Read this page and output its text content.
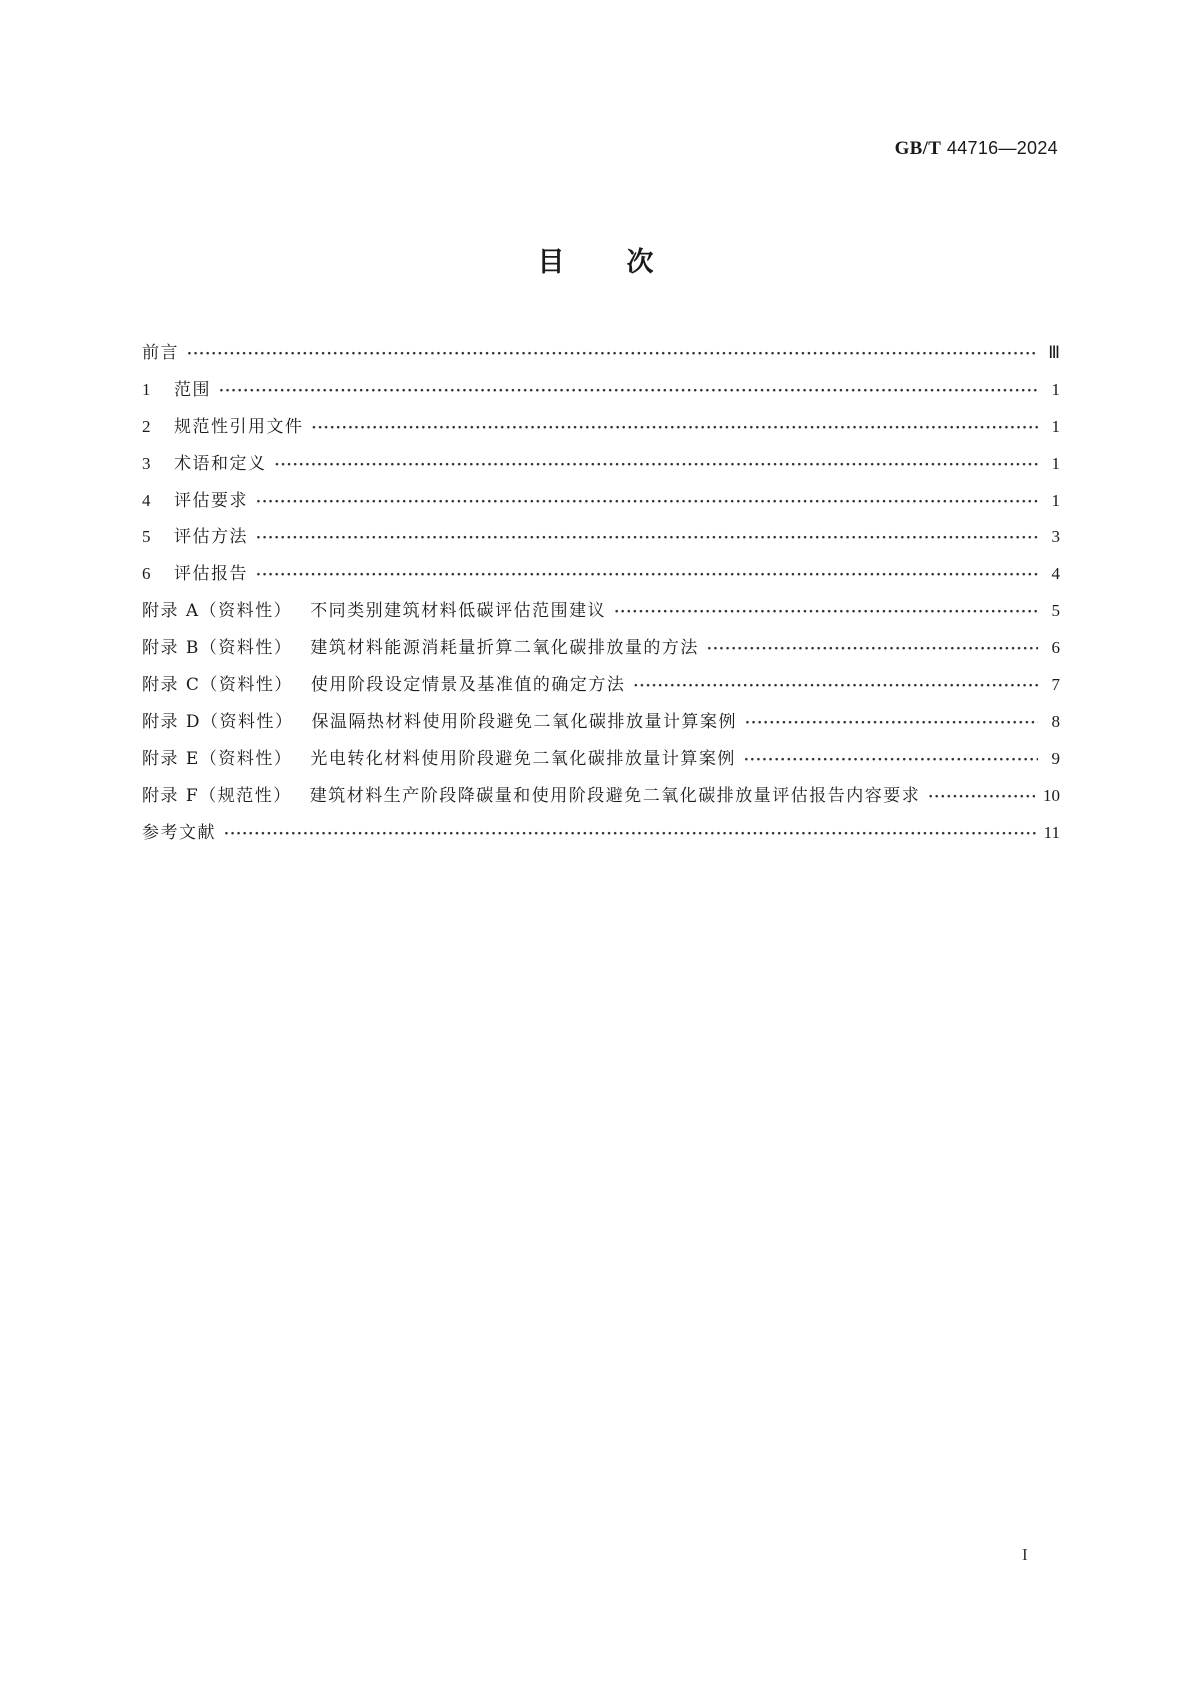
GB/T 44716—2024
目次
前言 ·····	Ⅲ
1 范围 ·····	1
2 规范性引用文件 ·····	1
3 术语和定义 ·····	1
4 评估要求 ·····	1
5 评估方法 ·····	3
6 评估报告 ·····	4
附录 A（资料性） 不同类别建筑材料低碳评估范围建议 ·····	5
附录 B（资料性） 建筑材料能源消耗量折算二氧化碳排放量的方法 ·····	6
附录 C（资料性） 使用阶段设定情景及基准值的确定方法 ·····	7
附录 D（资料性） 保温隔热材料使用阶段避免二氧化碳排放量计算案例 ·····	8
附录 E（资料性） 光电转化材料使用阶段避免二氧化碳排放量计算案例 ·····	9
附录 F（规范性） 建筑材料生产阶段降碳量和使用阶段避免二氧化碳排放量评估报告内容要求 ·····	10
参考文献 ·····	11
I
